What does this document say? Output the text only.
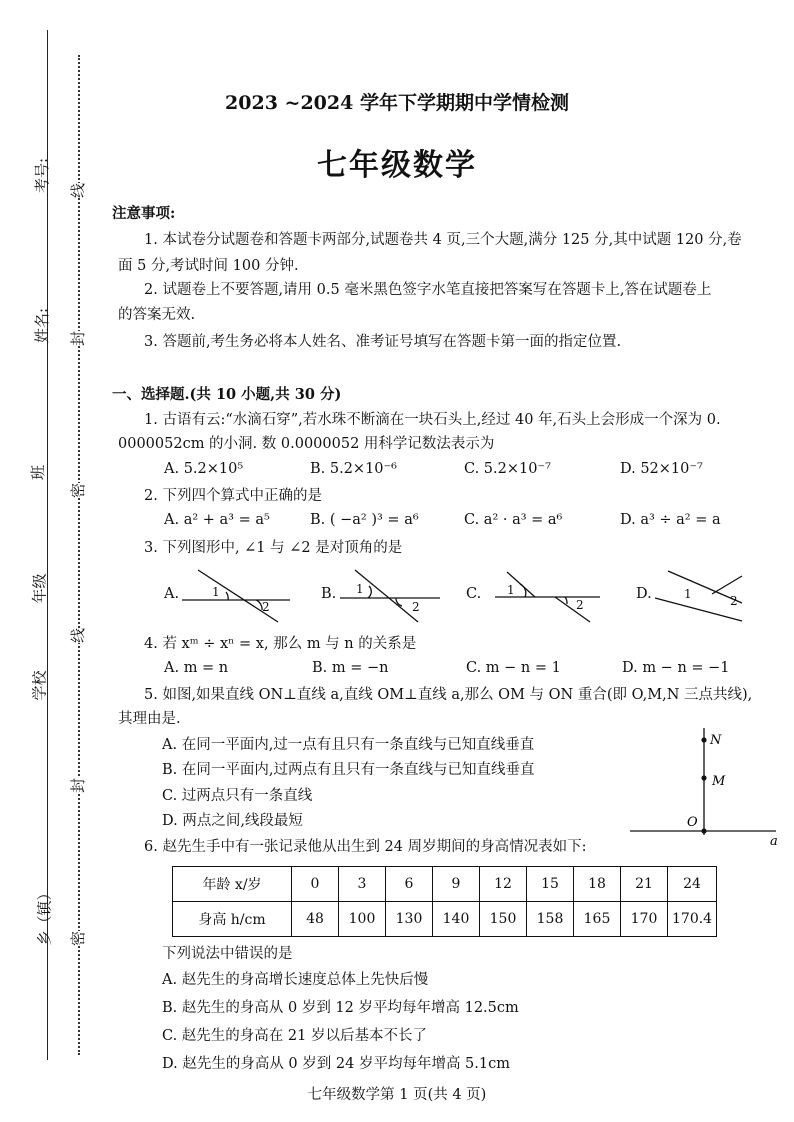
考号:
姓名:
班
年级
学校
乡（镇）
线
封
密
线
封
密
2023 ~2024 学年下学期期中学情检测
七年级数学
注意事项:
1. 本试卷分试题卷和答题卡两部分,试题卷共 4 页,三个大题,满分 125 分,其中试题 120 分,卷
面 5 分,考试时间 100 分钟.
2. 试题卷上不要答题,请用 0.5 毫米黑色签字水笔直接把答案写在答题卡上,答在试题卷上
的答案无效.
3. 答题前,考生务必将本人姓名、准考证号填写在答题卡第一面的指定位置.
一、选择题.(共 10 小题,共 30 分)
1. 古语有云:“水滴石穿”,若水珠不断滴在一块石头上,经过 40 年,石头上会形成一个深为 0.
0000052cm 的小洞. 数 0.0000052 用科学记数法表示为
A. 5.2×10⁵	B. 5.2×10⁻⁶	C. 5.2×10⁻⁷	D. 52×10⁻⁷
2. 下列四个算式中正确的是
A. a² + a³ = a⁵	B. ( −a² )³ = a⁶	C. a² · a³ = a⁶	D. a³ ÷ a² = a
3. 下列图形中, ∠1 与 ∠2 是对顶角的是
A.	B.	C.	D.
1
2
1
2
1
2
1	2
4. 若 xᵐ ÷ xⁿ = x, 那么 m 与 n 的关系是
A. m = n	B. m = −n	C. m − n = 1	D. m − n = −1
5. 如图,如果直线 ON⊥直线 a,直线 OM⊥直线 a,那么 OM 与 ON 重合(即 O,M,N 三点共线),
其理由是.
A. 在同一平面内,过一点有且只有一条直线与已知直线垂直
B. 在同一平面内,过两点有且只有一条直线与已知直线垂直
C. 过两点只有一条直线
D. 两点之间,线段最短
N
M
O
a
6. 赵先生手中有一张记录他从出生到 24 周岁期间的身高情况表如下:
年龄 x/岁	0	3	6	9	12	15	18	21	24
身高 h/cm	48	100	130	140	150	158	165	170	170.4
下列说法中错误的是
A. 赵先生的身高增长速度总体上先快后慢
B. 赵先生的身高从 0 岁到 12 岁平均每年增高 12.5cm
C. 赵先生的身高在 21 岁以后基本不长了
D. 赵先生的身高从 0 岁到 24 岁平均每年增高 5.1cm
七年级数学第 1 页(共 4 页)
